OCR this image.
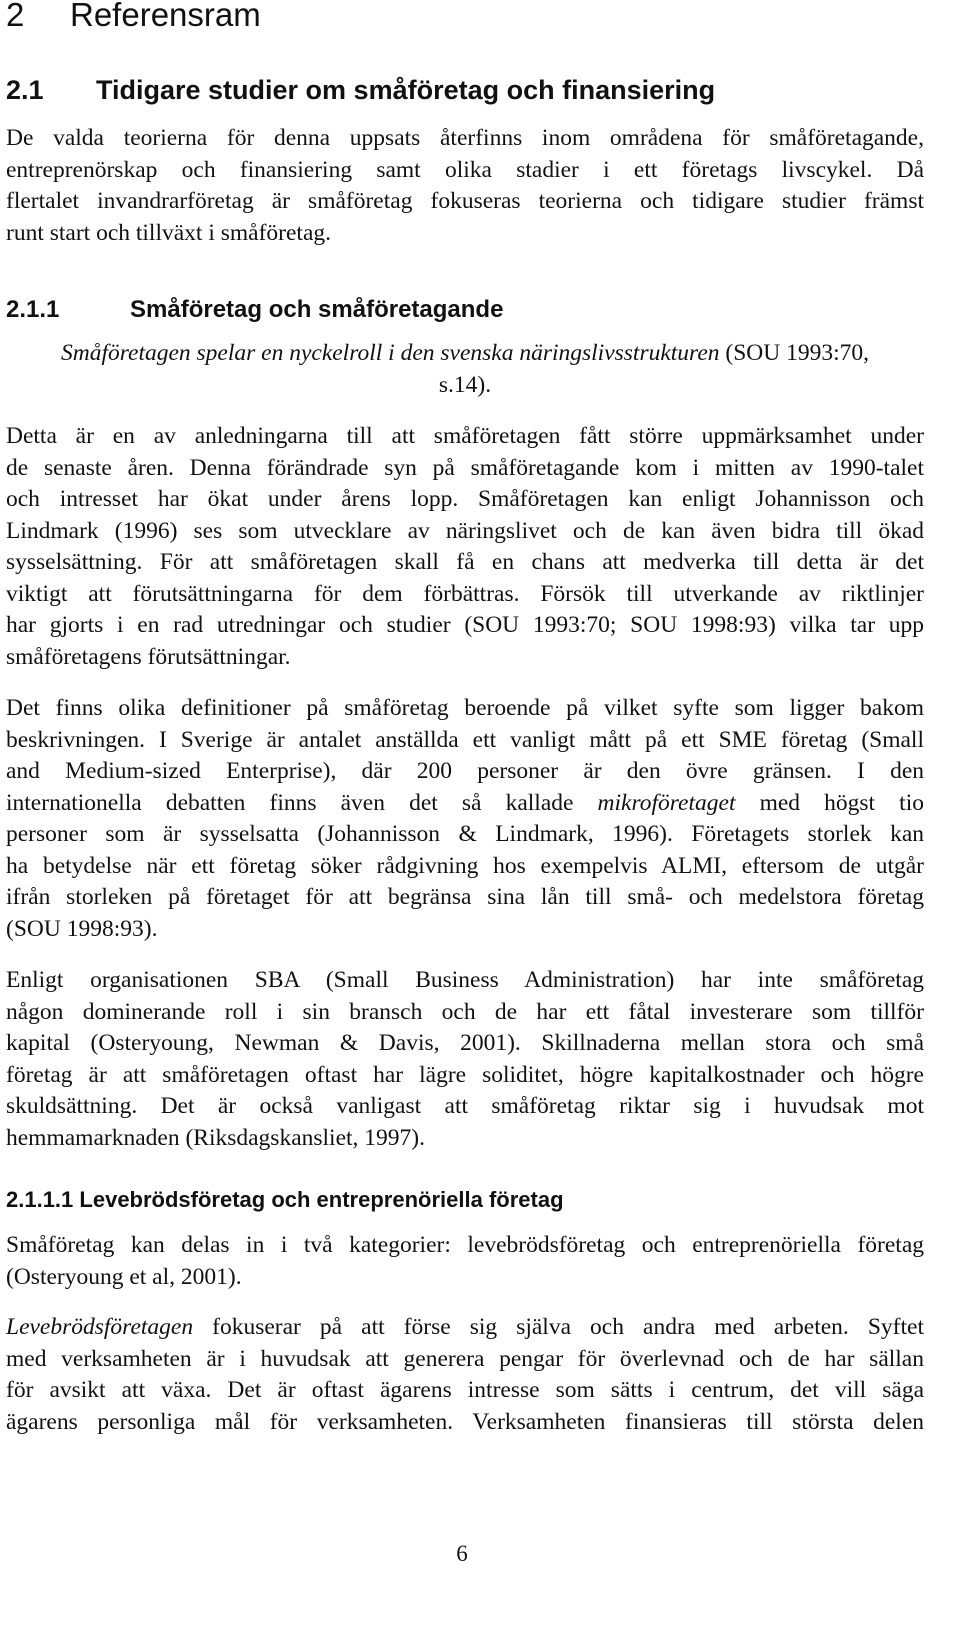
2 Referensram
2.1 Tidigare studier om småföretag och finansiering

De valda teorierna för denna uppsats återfinns inom områdena för småföretagande,
entreprenörskap och finansiering samt olika stadier i ett företags livscykel. Då
flertalet invandrarföretag är småföretag fokuseras teorierna och tidigare studier främst
runt start och tillväxt i småföretag.

2.1.1	Småföretag och småföretagande

Småföretagen spelar en nyckelroll i den svenska näringslivsstrukturen (SOU 1993:70,
s.14).

Detta är en av anledningarna till att småföretagen fått större uppmärksamhet under
de senaste åren. Denna förändrade syn på småföretagande kom i mitten av 1990-talet
och intresset har ökat under årens lopp. Småföretagen kan enligt Johannisson och
Lindmark (1996) ses som utvecklare av näringslivet och de kan även bidra till ökad
sysselsättning. För att småföretagen skall få en chans att medverka till detta är det
viktigt att förutsättningarna för dem förbättras. Försök till utverkande av riktlinjer
har gjorts i en rad utredningar och studier (SOU 1993:70; SOU 1998:93) vilka tar upp
småföretagens förutsättningar.

Det finns olika definitioner på småföretag beroende på vilket syfte som ligger bakom
beskrivningen. I Sverige är antalet anställda ett vanligt mått på ett SME företag (Small
and Medium-sized Enterprise), där 200 personer är den övre gränsen. I den
internationella debatten finns även det så kallade mikroföretaget med högst tio
personer som är sysselsatta (Johannisson & Lindmark, 1996). Företagets storlek kan
ha betydelse när ett företag söker rådgivning hos exempelvis ALMI, eftersom de utgår
ifrån storleken på företaget för att begränsa sina lån till små- och medelstora företag
(SOU 1998:93).

Enligt organisationen SBA (Small Business Administration) har inte småföretag
någon dominerande roll i sin bransch och de har ett fåtal investerare som tillför
kapital (Osteryoung, Newman & Davis, 2001). Skillnaderna mellan stora och små
företag är att småföretagen oftast har lägre soliditet, högre kapitalkostnader och högre
skuldsättning. Det är också vanligast att småföretag riktar sig i huvudsak mot
hemmamarknaden (Riksdagskansliet, 1997).

2.1.1.1 Levebrödsföretag och entreprenöriella företag

Småföretag kan delas in i två kategorier: levebrödsföretag och entreprenöriella företag
(Osteryoung et al, 2001).

Levebrödsföretagen fokuserar på att förse sig själva och andra med arbeten. Syftet
med verksamheten är i huvudsak att generera pengar för överlevnad och de har sällan
för avsikt att växa. Det är oftast ägarens intresse som sätts i centrum, det vill säga
ägarens personliga mål för verksamheten. Verksamheten finansieras till största delen

6
